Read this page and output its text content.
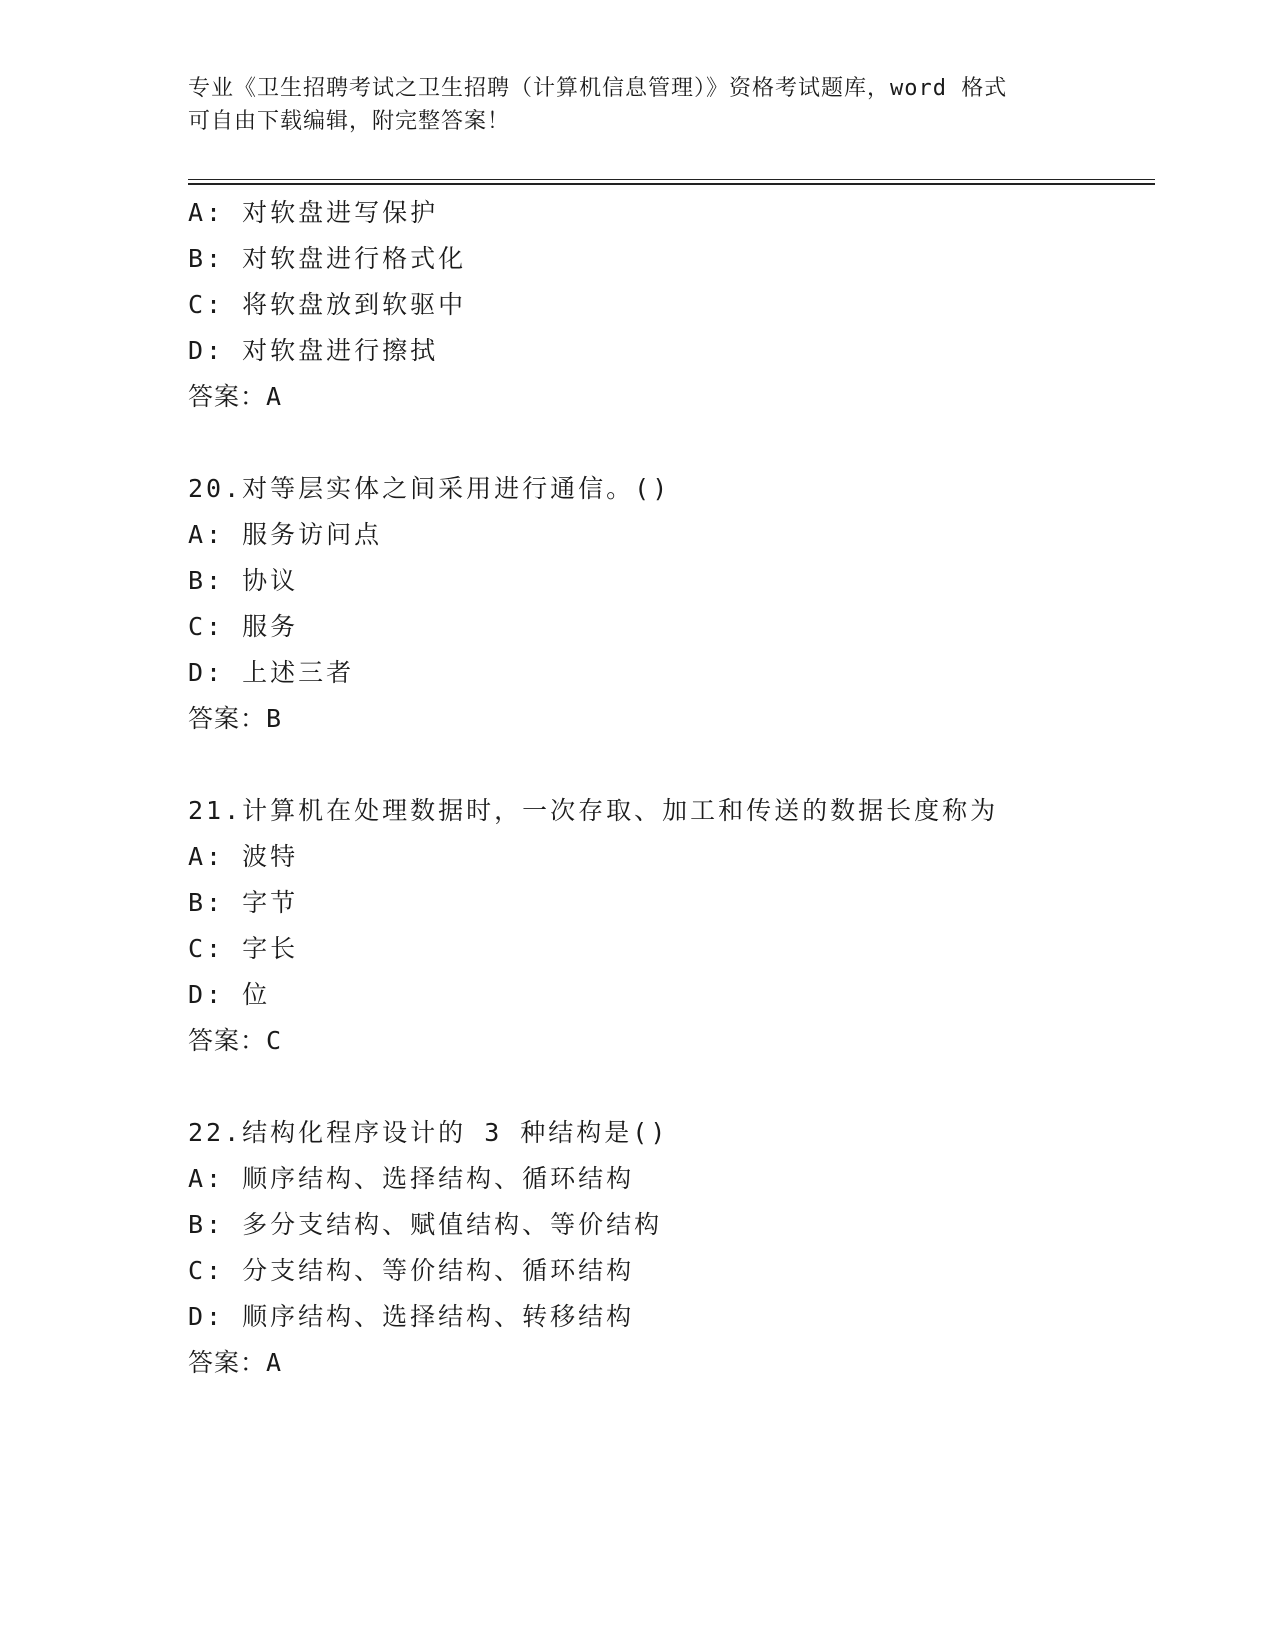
专业《卫生招聘考试之卫生招聘（计算机信息管理）》资格考试题库，word 格式
可自由下载编辑，附完整答案！
A: 对软盘进写保护
B: 对软盘进行格式化
C: 将软盘放到软驱中
D: 对软盘进行擦拭
答案：A
20.对等层实体之间采用进行通信。()
A: 服务访问点
B: 协议
C: 服务
D: 上述三者
答案：B
21.计算机在处理数据时，一次存取、加工和传送的数据长度称为
A: 波特
B: 字节
C: 字长
D: 位
答案：C
22.结构化程序设计的 3 种结构是()
A: 顺序结构、选择结构、循环结构
B: 多分支结构、赋值结构、等价结构
C: 分支结构、等价结构、循环结构
D: 顺序结构、选择结构、转移结构
答案：A
